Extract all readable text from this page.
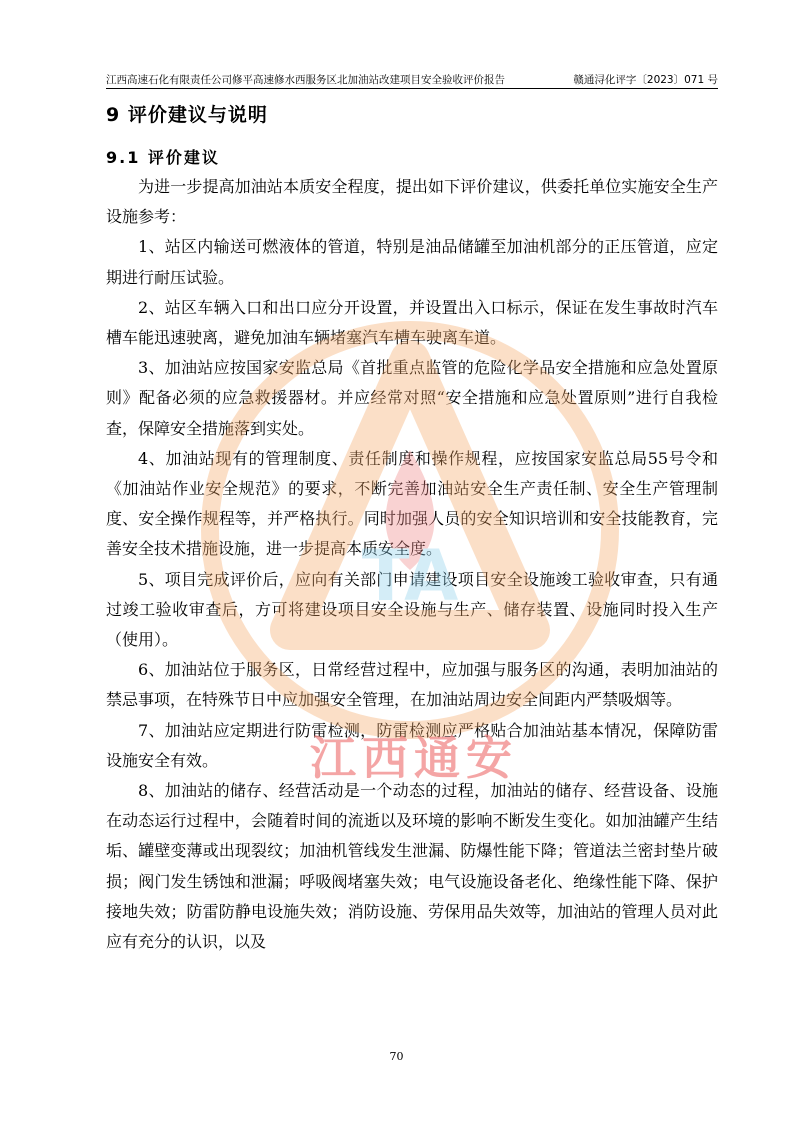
江西高速石化有限责任公司修平高速修水西服务区北加油站改建项目安全验收评价报告	赣通浔化评字〔2023〕071 号
9 评价建议与说明
9.1 评价建议

为进一步提高加油站本质安全程度，提出如下评价建议，供委托单位实施安全生产设施参考：

1、站区内输送可燃液体的管道，特别是油品储罐至加油机部分的正压管道，应定期进行耐压试验。

2、站区车辆入口和出口应分开设置，并设置出入口标示，保证在发生事故时汽车槽车能迅速驶离，避免加油车辆堵塞汽车槽车驶离车道。

3、加油站应按国家安监总局《首批重点监管的危险化学品安全措施和应急处置原则》配备必须的应急救援器材。并应经常对照“安全措施和应急处置原则”进行自我检查，保障安全措施落到实处。

4、加油站现有的管理制度、责任制度和操作规程，应按国家安监总局55号令和《加油站作业安全规范》的要求，不断完善加油站安全生产责任制、安全生产管理制度、安全操作规程等，并严格执行。同时加强人员的安全知识培训和安全技能教育，完善安全技术措施设施，进一步提高本质安全度。

5、项目完成评价后，应向有关部门申请建设项目安全设施竣工验收审查，只有通过竣工验收审查后，方可将建设项目安全设施与生产、储存装置、设施同时投入生产（使用）。

6、加油站位于服务区，日常经营过程中，应加强与服务区的沟通，表明加油站的禁忌事项，在特殊节日中应加强安全管理，在加油站周边安全间距内严禁吸烟等。

7、加油站应定期进行防雷检测，防雷检测应严格贴合加油站基本情况，保障防雷设施安全有效。

8、加油站的储存、经营活动是一个动态的过程，加油站的储存、经营设备、设施在动态运行过程中，会随着时间的流逝以及环境的影响不断发生变化。如加油罐产生结垢、罐壁变薄或出现裂纹；加油机管线发生泄漏、防爆性能下降；管道法兰密封垫片破损；阀门发生锈蚀和泄漏；呼吸阀堵塞失效；电气设施设备老化、绝缘性能下降、保护接地失效；防雷防静电设施失效；消防设施、劳保用品失效等，加油站的管理人员对此应有充分的认识，以及

TA
江西通安
70
